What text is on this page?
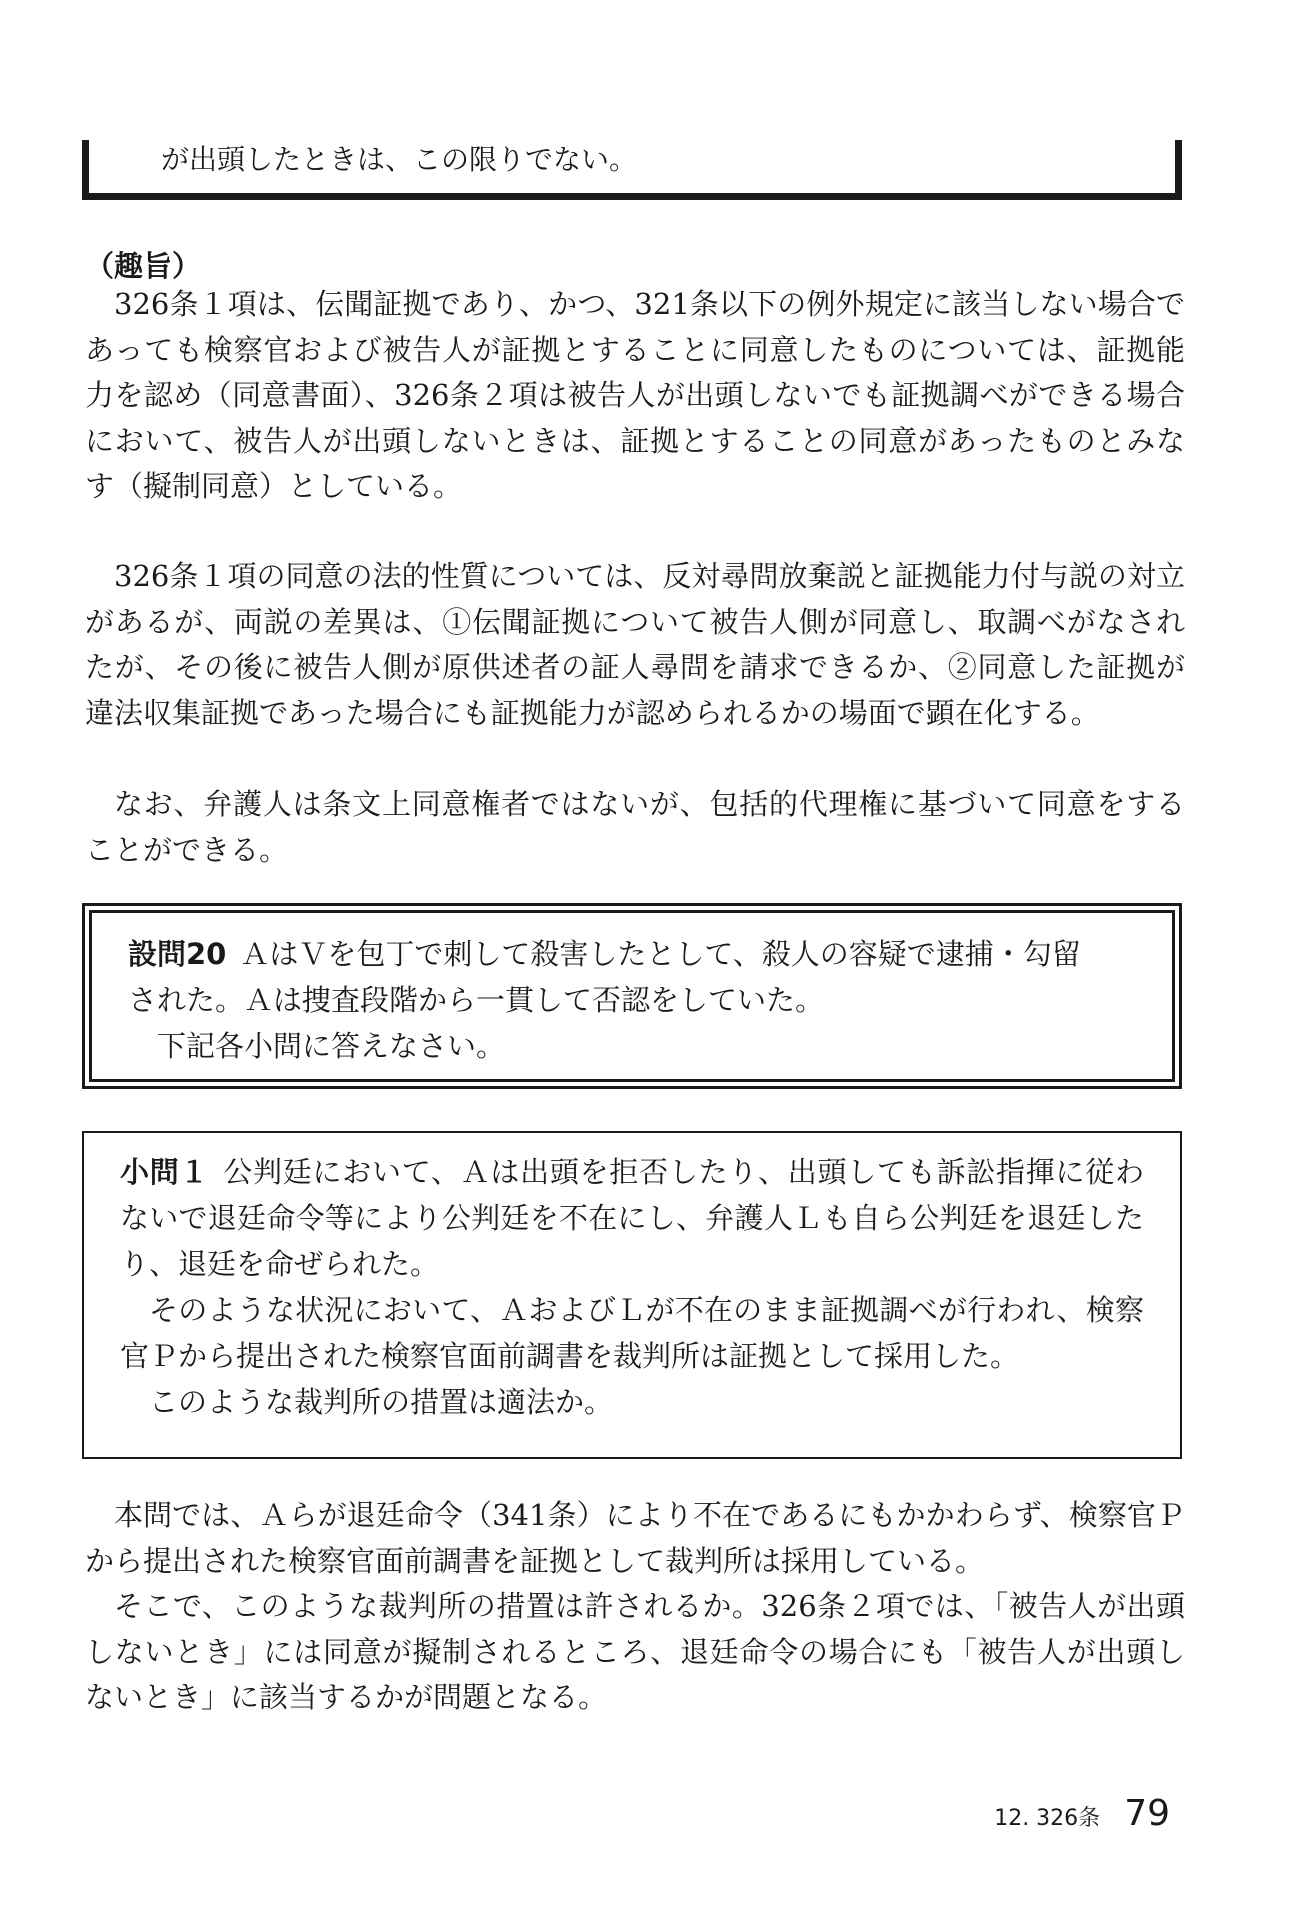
が出頭したときは、この限りでない。
（趣旨）

326条１項は、伝聞証拠であり、かつ、321条以下の例外規定に該当しない場合であっても検察官および被告人が証拠とすることに同意したものについては、証拠能力を認め（同意書面）、326条２項は被告人が出頭しないでも証拠調べができる場合において、被告人が出頭しないときは、証拠とすることの同意があったものとみなす（擬制同意）としている。

326条１項の同意の法的性質については、反対尋問放棄説と証拠能力付与説の対立があるが、両説の差異は、①伝聞証拠について被告人側が同意し、取調べがなされたが、その後に被告人側が原供述者の証人尋問を請求できるか、②同意した証拠が違法収集証拠であった場合にも証拠能力が認められるかの場面で顕在化する。

なお、弁護人は条文上同意権者ではないが、包括的代理権に基づいて同意をすることができる。

設問20 ＡはＶを包丁で刺して殺害したとして、殺人の容疑で逮捕・勾留

された。Ａは捜査段階から一貫して否認をしていた。

下記各小問に答えなさい。

小問１ 公判廷において、Ａは出頭を拒否したり、出頭しても訴訟指揮に従わないで退廷命令等により公判廷を不在にし、弁護人Ｌも自ら公判廷を退廷したり、退廷を命ぜられた。

そのような状況において、ＡおよびＬが不在のまま証拠調べが行われ、検察官Ｐから提出された検察官面前調書を裁判所は証拠として採用した。

このような裁判所の措置は適法か。

本問では、Ａらが退廷命令（341条）により不在であるにもかかわらず、検察官Ｐから提出された検察官面前調書を証拠として裁判所は採用している。

そこで、このような裁判所の措置は許されるか。326条２項では、「被告人が出頭しないとき」には同意が擬制されるところ、退廷命令の場合にも「被告人が出頭しないとき」に該当するかが問題となる。

12. 326条 79
